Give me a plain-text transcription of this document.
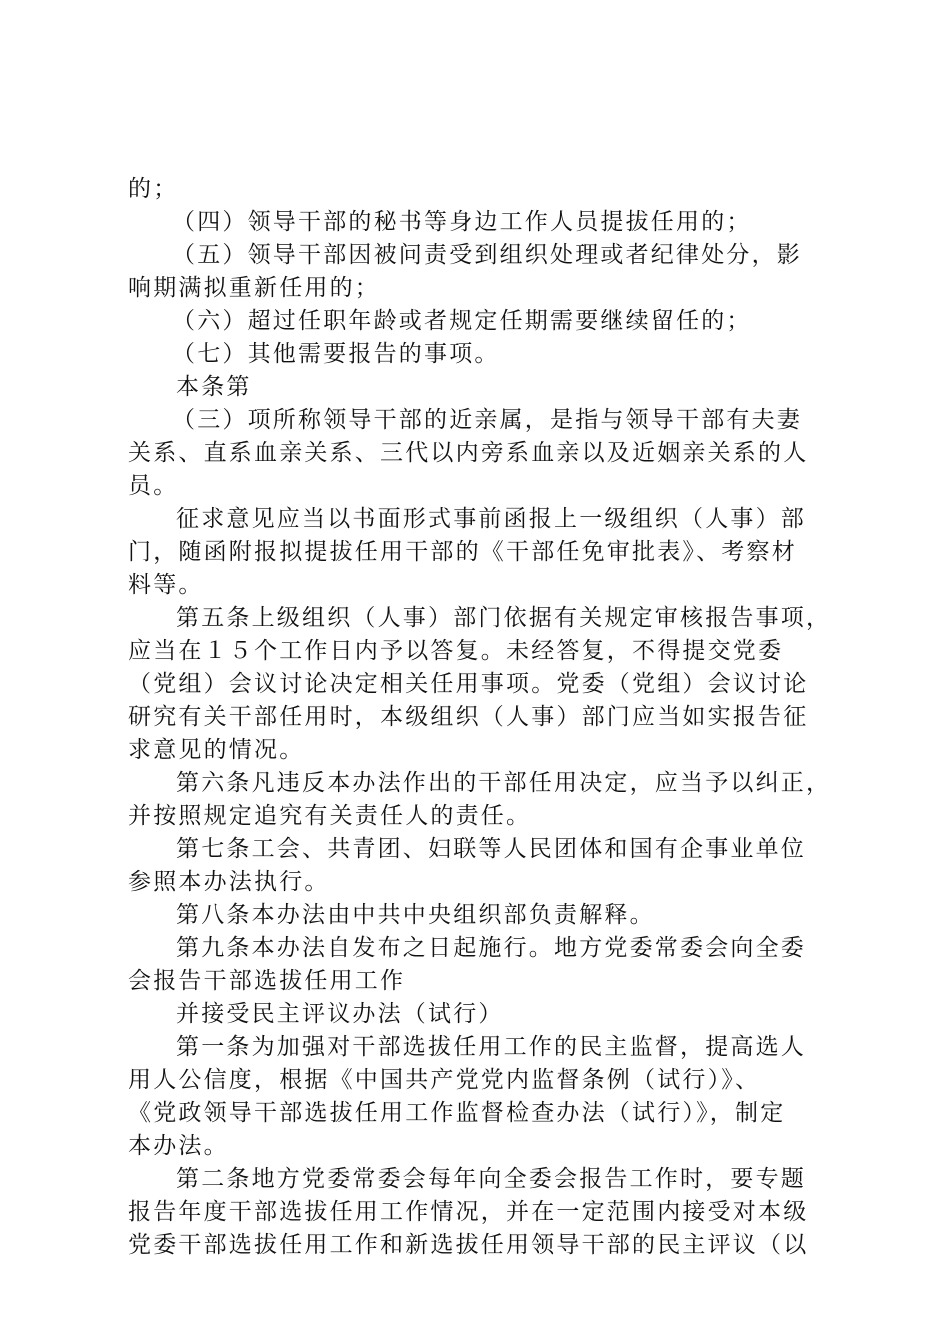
的；
（四）领导干部的秘书等身边工作人员提拔任用的；
（五）领导干部因被问责受到组织处理或者纪律处分，影
响期满拟重新任用的；
（六）超过任职年龄或者规定任期需要继续留任的；
（七）其他需要报告的事项。
本条第
（三）项所称领导干部的近亲属，是指与领导干部有夫妻
关系、直系血亲关系、三代以内旁系血亲以及近姻亲关系的人
员。
征求意见应当以书面形式事前函报上一级组织（人事）部
门，随函附报拟提拔任用干部的《干部任免审批表》、考察材
料等。
第五条上级组织（人事）部门依据有关规定审核报告事项，
应当在１５个工作日内予以答复。未经答复，不得提交党委
（党组）会议讨论决定相关任用事项。党委（党组）会议讨论
研究有关干部任用时，本级组织（人事）部门应当如实报告征
求意见的情况。
第六条凡违反本办法作出的干部任用决定，应当予以纠正，
并按照规定追究有关责任人的责任。
第七条工会、共青团、妇联等人民团体和国有企事业单位
参照本办法执行。
第八条本办法由中共中央组织部负责解释。
第九条本办法自发布之日起施行。地方党委常委会向全委
会报告干部选拔任用工作
并接受民主评议办法（试行）
第一条为加强对干部选拔任用工作的民主监督，提高选人
用人公信度，根据《中国共产党党内监督条例（试行）》、
《党政领导干部选拔任用工作监督检查办法（试行）》，制定
本办法。
第二条地方党委常委会每年向全委会报告工作时，要专题
报告年度干部选拔任用工作情况，并在一定范围内接受对本级
党委干部选拔任用工作和新选拔任用领导干部的民主评议（以
